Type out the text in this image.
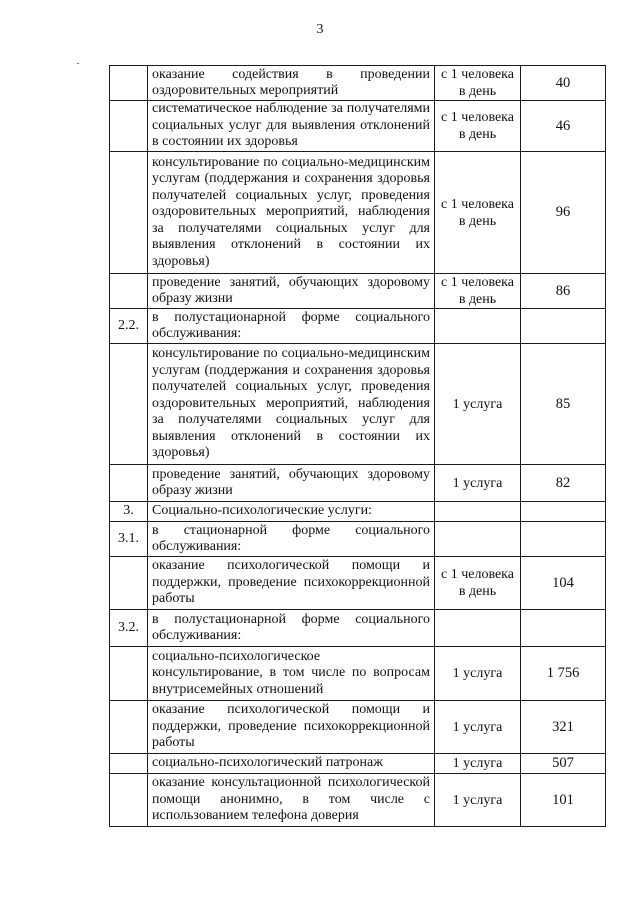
3
	оказание содействия в проведении оздоровительных мероприятий	с 1 человека в день	40
	систематическое наблюдение за получателями социальных услуг для выявления отклонений в состоянии их здоровья	с 1 человека в день	46
	консультирование по социально-медицинским услугам (поддержания и сохранения здоровья получателей социальных услуг, проведения оздоровительных мероприятий, наблюдения за получателями социальных услуг для выявления отклонений в состоянии их здоровья)	с 1 человека в день	96
	проведение занятий, обучающих здоровому образу жизни	с 1 человека в день	86
2.2.	в полустационарной форме социального обслуживания:		
	консультирование по социально-медицинским услугам (поддержания и сохранения здоровья получателей социальных услуг, проведения оздоровительных мероприятий, наблюдения за получателями социальных услуг для выявления отклонений в состоянии их здоровья)	1 услуга	85
	проведение занятий, обучающих здоровому образу жизни	1 услуга	82
3.	Социально-психологические услуги:		
3.1.	в стационарной форме социального обслуживания:		
	оказание психологической помощи и поддержки, проведение психокоррекционной работы	с 1 человека в день	104
3.2.	в полустационарной форме социального обслуживания:		
	социально-психологическое консультирование, в том числе по вопросам внутрисемейных отношений	1 услуга	1 756
	оказание психологической помощи и поддержки, проведение психокоррекционной работы	1 услуга	321
	социально-психологический патронаж	1 услуга	507
	оказание консультационной психологической помощи анонимно, в том числе с использованием телефона доверия	1 услуга	101
